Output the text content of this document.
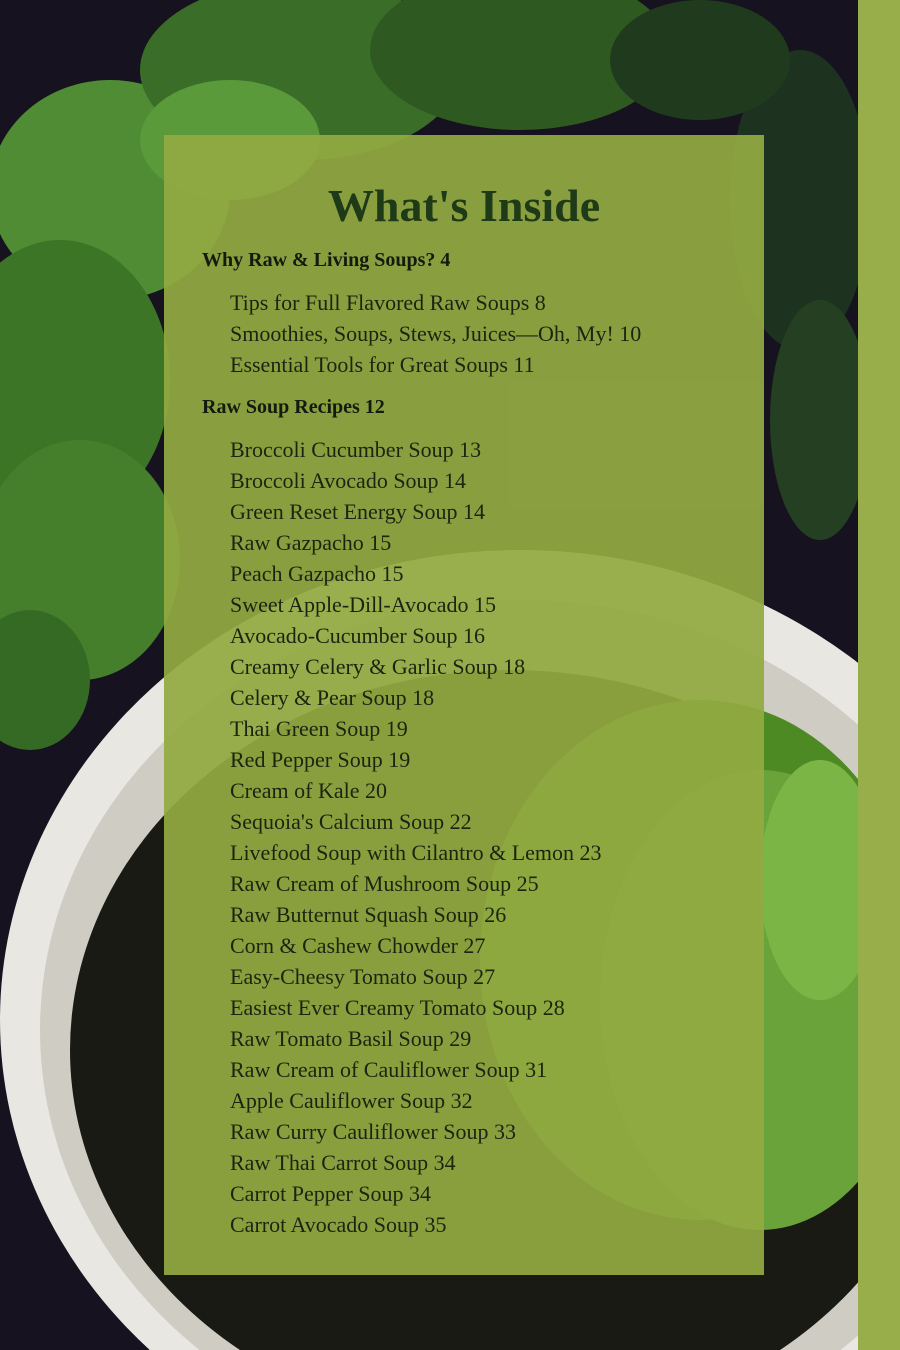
What's Inside
Why Raw & Living Soups? 4
Tips for Full Flavored Raw Soups 8
Smoothies, Soups, Stews, Juices—Oh, My! 10
Essential Tools for Great Soups 11
Raw Soup Recipes 12
Broccoli Cucumber Soup 13
Broccoli Avocado Soup 14
Green Reset Energy Soup 14
Raw Gazpacho 15
Peach Gazpacho 15
Sweet Apple-Dill-Avocado 15
Avocado-Cucumber Soup 16
Creamy Celery & Garlic Soup 18
Celery & Pear Soup 18
Thai Green Soup 19
Red Pepper Soup 19
Cream of Kale 20
Sequoia's Calcium Soup 22
Livefood Soup with Cilantro & Lemon 23
Raw Cream of Mushroom Soup 25
Raw Butternut Squash Soup 26
Corn & Cashew Chowder 27
Easy-Cheesy Tomato Soup 27
Easiest Ever Creamy Tomato Soup 28
Raw Tomato Basil Soup 29
Raw Cream of Cauliflower Soup 31
Apple Cauliflower Soup 32
Raw Curry Cauliflower Soup 33
Raw Thai Carrot Soup 34
Carrot Pepper Soup 34
Carrot Avocado Soup 35
